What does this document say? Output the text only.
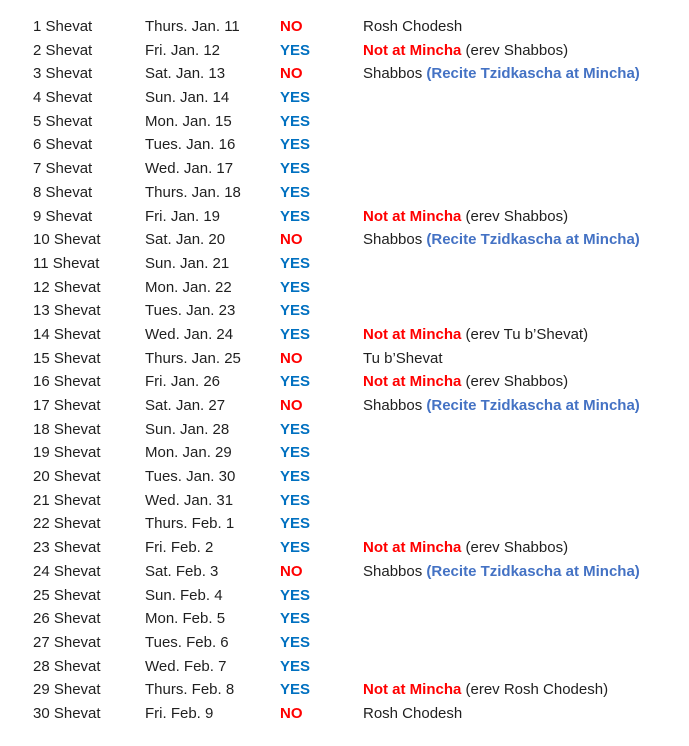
1 Shevat	Thurs. Jan. 11	NO	Rosh Chodesh
2 Shevat	Fri. Jan. 12	YES	Not at Mincha (erev Shabbos)
3 Shevat	Sat. Jan. 13	NO	Shabbos (Recite Tzidkascha at Mincha)
4 Shevat	Sun. Jan. 14	YES
5 Shevat	Mon. Jan. 15	YES
6 Shevat	Tues. Jan. 16	YES
7 Shevat	Wed. Jan. 17	YES
8 Shevat	Thurs. Jan. 18	YES
9 Shevat	Fri. Jan. 19	YES	Not at Mincha (erev Shabbos)
10 Shevat	Sat. Jan. 20	NO	Shabbos (Recite Tzidkascha at Mincha)
11 Shevat	Sun. Jan. 21	YES
12 Shevat	Mon. Jan. 22	YES
13 Shevat	Tues. Jan. 23	YES
14 Shevat	Wed. Jan. 24	YES	Not at Mincha (erev Tu b’Shevat)
15 Shevat	Thurs. Jan. 25	NO	Tu b’Shevat
16 Shevat	Fri. Jan. 26	YES	Not at Mincha (erev Shabbos)
17 Shevat	Sat. Jan. 27	NO	Shabbos (Recite Tzidkascha at Mincha)
18 Shevat	Sun. Jan. 28	YES
19 Shevat	Mon. Jan. 29	YES
20 Shevat	Tues. Jan. 30	YES
21 Shevat	Wed. Jan. 31	YES
22 Shevat	Thurs. Feb. 1	YES
23 Shevat	Fri. Feb. 2	YES	Not at Mincha (erev Shabbos)
24 Shevat	Sat. Feb. 3	NO	Shabbos (Recite Tzidkascha at Mincha)
25 Shevat	Sun. Feb. 4	YES
26 Shevat	Mon. Feb. 5	YES
27 Shevat	Tues. Feb. 6	YES
28 Shevat	Wed. Feb. 7	YES
29 Shevat	Thurs. Feb. 8	YES	Not at Mincha (erev Rosh Chodesh)
30 Shevat	Fri. Feb. 9	NO	Rosh Chodesh
